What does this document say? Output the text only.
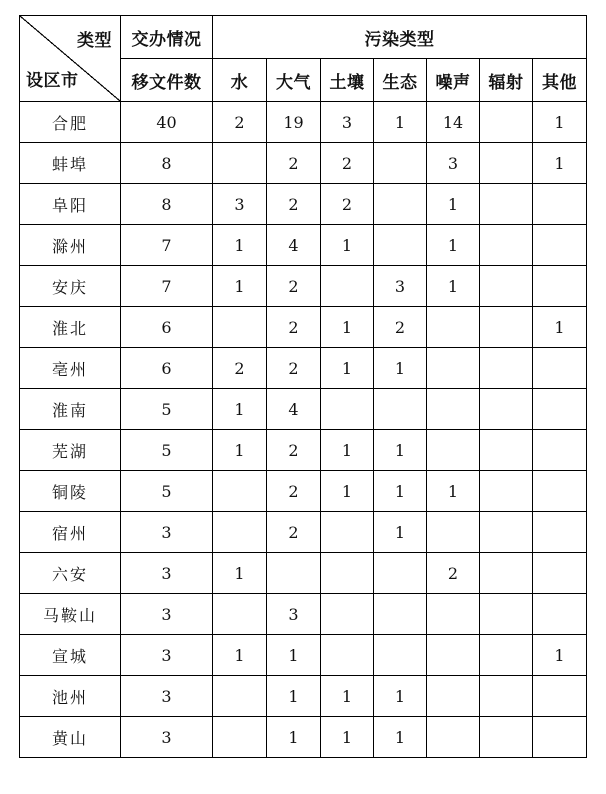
类型
设区市	交办情况	污染类型						
	移文件数	水	大气	土壤	生态	噪声	辐射	其他
合肥	40	2	19	3	1	14		1
蚌埠	8		2	2		3		1
阜阳	8	3	2	2		1		
滁州	7	1	4	1		1		
安庆	7	1	2		3	1		
淮北	6		2	1	2			1
亳州	6	2	2	1	1			
淮南	5	1	4					
芜湖	5	1	2	1	1			
铜陵	5		2	1	1	1		
宿州	3		2		1			
六安	3	1				2		
马鞍山	3		3					
宣城	3	1	1					1
池州	3		1	1	1			
黄山	3		1	1	1			
